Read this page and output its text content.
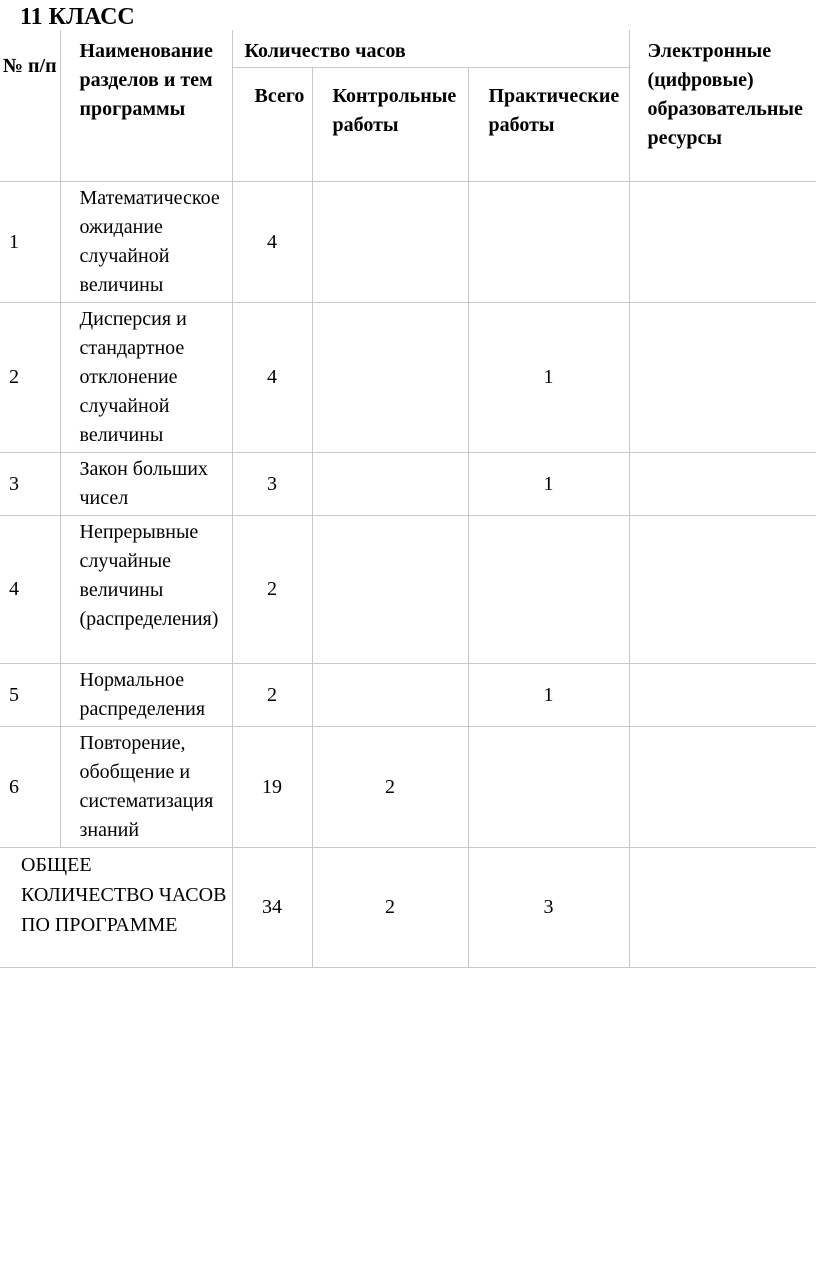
11 КЛАСС
№ п/п	Наименование разделов и тем программы	Количество часов			Электронные (цифровые) образовательные ресурсы
		Всего	Контрольные работы	Практические работы	
1	Математическое ожидание случайной величины	4			
2	Дисперсия и стандартное отклонение случайной величины	4		1	
3	Закон больших чисел	3		1	
4	Непрерывные случайные величины (распределения)	2			
5	Нормальное распределения	2		1	
6	Повторение, обобщение и систематизация знаний	19	2		
ОБЩЕЕ КОЛИЧЕСТВО ЧАСОВ ПО ПРОГРАММЕ		34	2	3	
